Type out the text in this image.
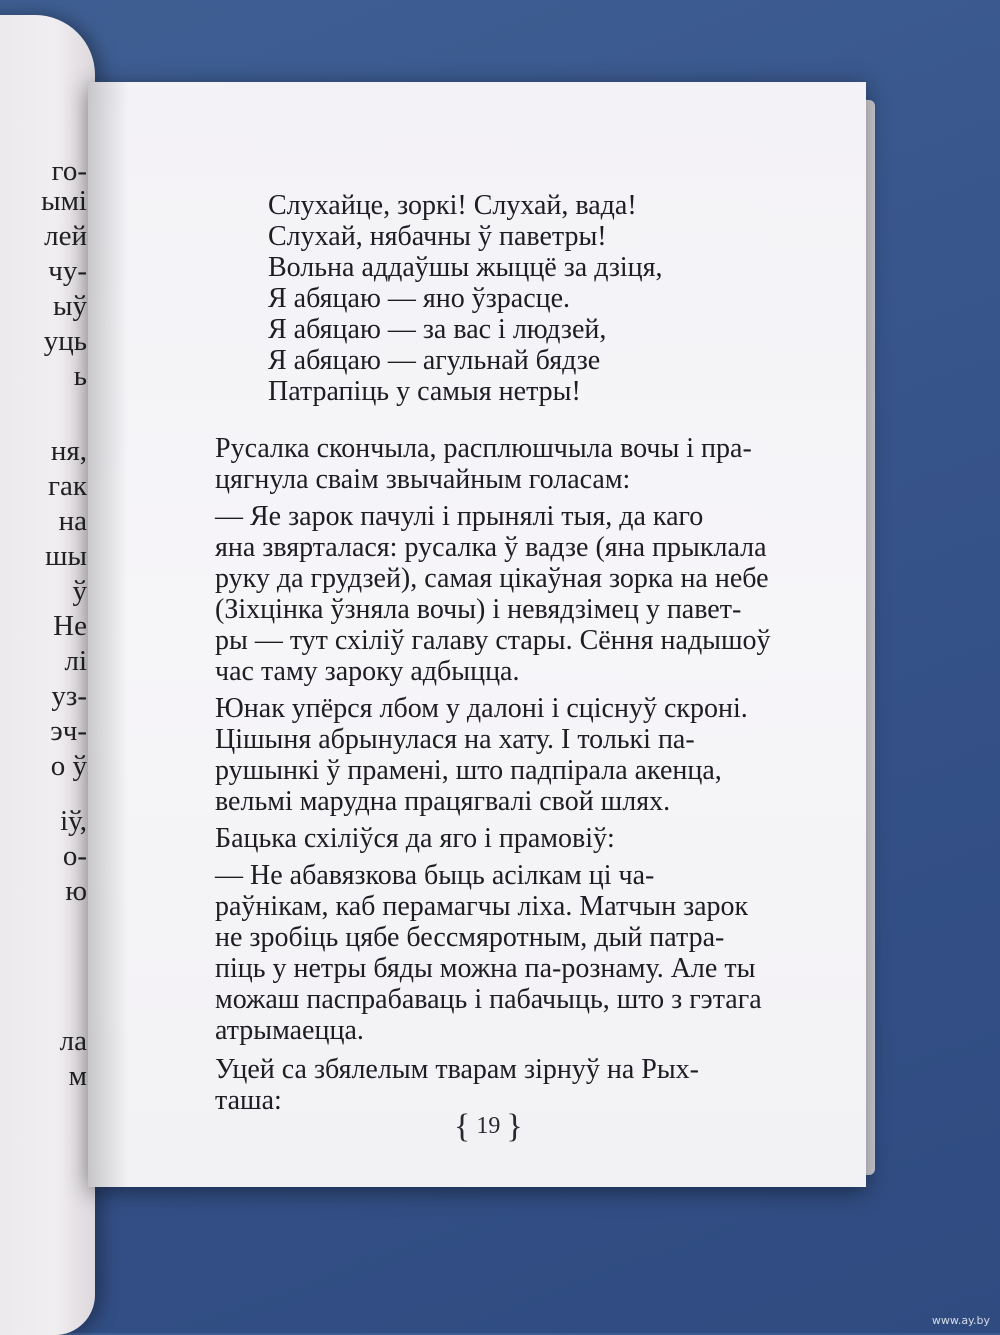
го-

ымі

лей

чу-

ыў

уць

ь

ня,

гак

на

шы

ў

Нe

лі

уз-

эч-

о ў

іў,

о-

ю

ла

м

Слухайце, зоркі! Слухай, вада!
Слухай, нябачны ў паветры!
Вольна аддаўшы жыццё за дзіця,
Я абяцаю — яно ўзрасце.
Я абяцаю — за вас і людзей,
Я абяцаю — агульнай бядзе
Патрапіць у самыя нетры!
Русалка скончыла, расплюшчыла вочы і пра-
цягнула сваім звычайным голасам:
— Яе зарок пачулі і прынялі тыя, да каго
яна звярталася: русалка ў вадзе (яна прыклала
руку да грудзей), самая цікаўная зорка на небе
(Зіхцінка ўзняла вочы) і невядзімец у павет-
ры — тут схіліў галаву стары. Сёння надышоў
час таму зароку адбыцца.
Юнак упёрся лбом у далоні і сціснуў скроні.
Цішыня абрынулася на хату. І толькі па-
рушынкі ў прамені, што падпірала акенца,
вельмі марудна працягвалі свой шлях.
Бацька схіліўся да яго і прамовіў:
— Не абавязкова быць асілкам ці ча-
раўнікам, каб перамагчы ліха. Матчын зарок
не зробіць цябе бессмяротным, дый патра-
піць у нетры бяды можна па-рознаму. Але ты
можаш паспрабаваць і пабачыць, што з гэтага
атрымаецца.
Уцей са збялелым тварам зірнуў на Рых-
таша:
{ 19 }
www.ay.by
